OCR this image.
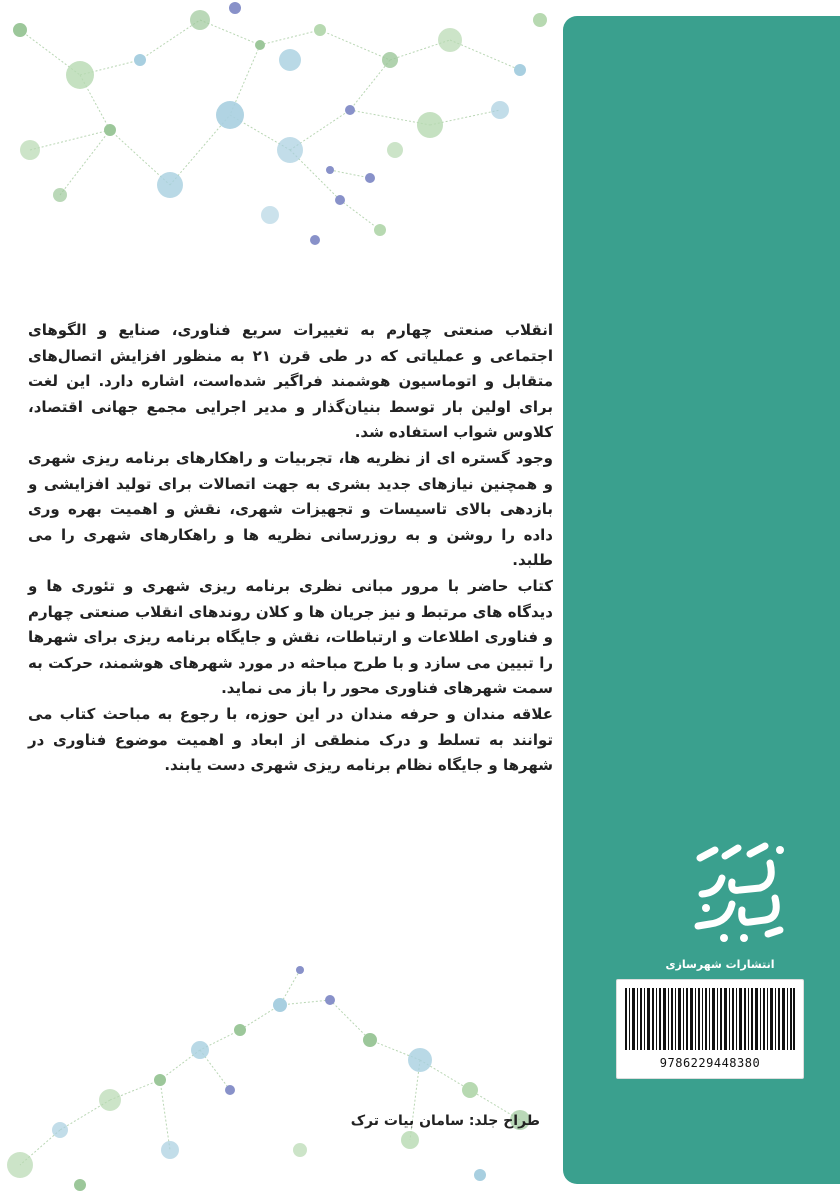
انقلاب صنعتی چهارم به تغییرات سریع فناوری، صنایع و الگوهای اجتماعی و عملیاتی که در طی قرن ۲۱ به منظور افزایش اتصال‌های متقابل و اتوماسیون هوشمند فراگیر شده‌است، اشاره دارد. این لغت برای اولین بار توسط بنیان‌گذار و مدیر اجرایی مجمع جهانی اقتصاد، کلاوس شواب استفاده شد.

وجود گستره ای از نظریه ها، تجربیات و راهکارهای برنامه ریزی شهری و همچنین نیازهای جدید بشری به جهت اتصالات برای تولید افزایشی و بازدهی بالای تاسیسات و تجهیزات شهری، نقش و اهمیت بهره وری داده را روشن و به روزرسانی نظریه ها و راهکارهای شهری را می طلبد.

کتاب حاضر با مرور مبانی نظری برنامه ریزی شهری و تئوری ها و دیدگاه های مرتبط و نیز جریان ها و کلان روندهای انقلاب صنعتی چهارم و فناوری اطلاعات و ارتباطات، نقش و جایگاه برنامه ریزی برای شهرها را تبیین می سازد و با طرح مباحثه در مورد شهرهای هوشمند، حرکت به سمت شهرهای فناوری محور را باز می نماید.

علاقه مندان و حرفه مندان در این حوزه، با رجوع به مباحث کتاب می توانند به تسلط و درک منطقی از ابعاد و اهمیت موضوع فناوری در شهرها و جایگاه نظام برنامه ریزی شهری دست یابند.

طراح جلد: سامان بیات ترک
انتشارات شهرسازی
9786229448380
